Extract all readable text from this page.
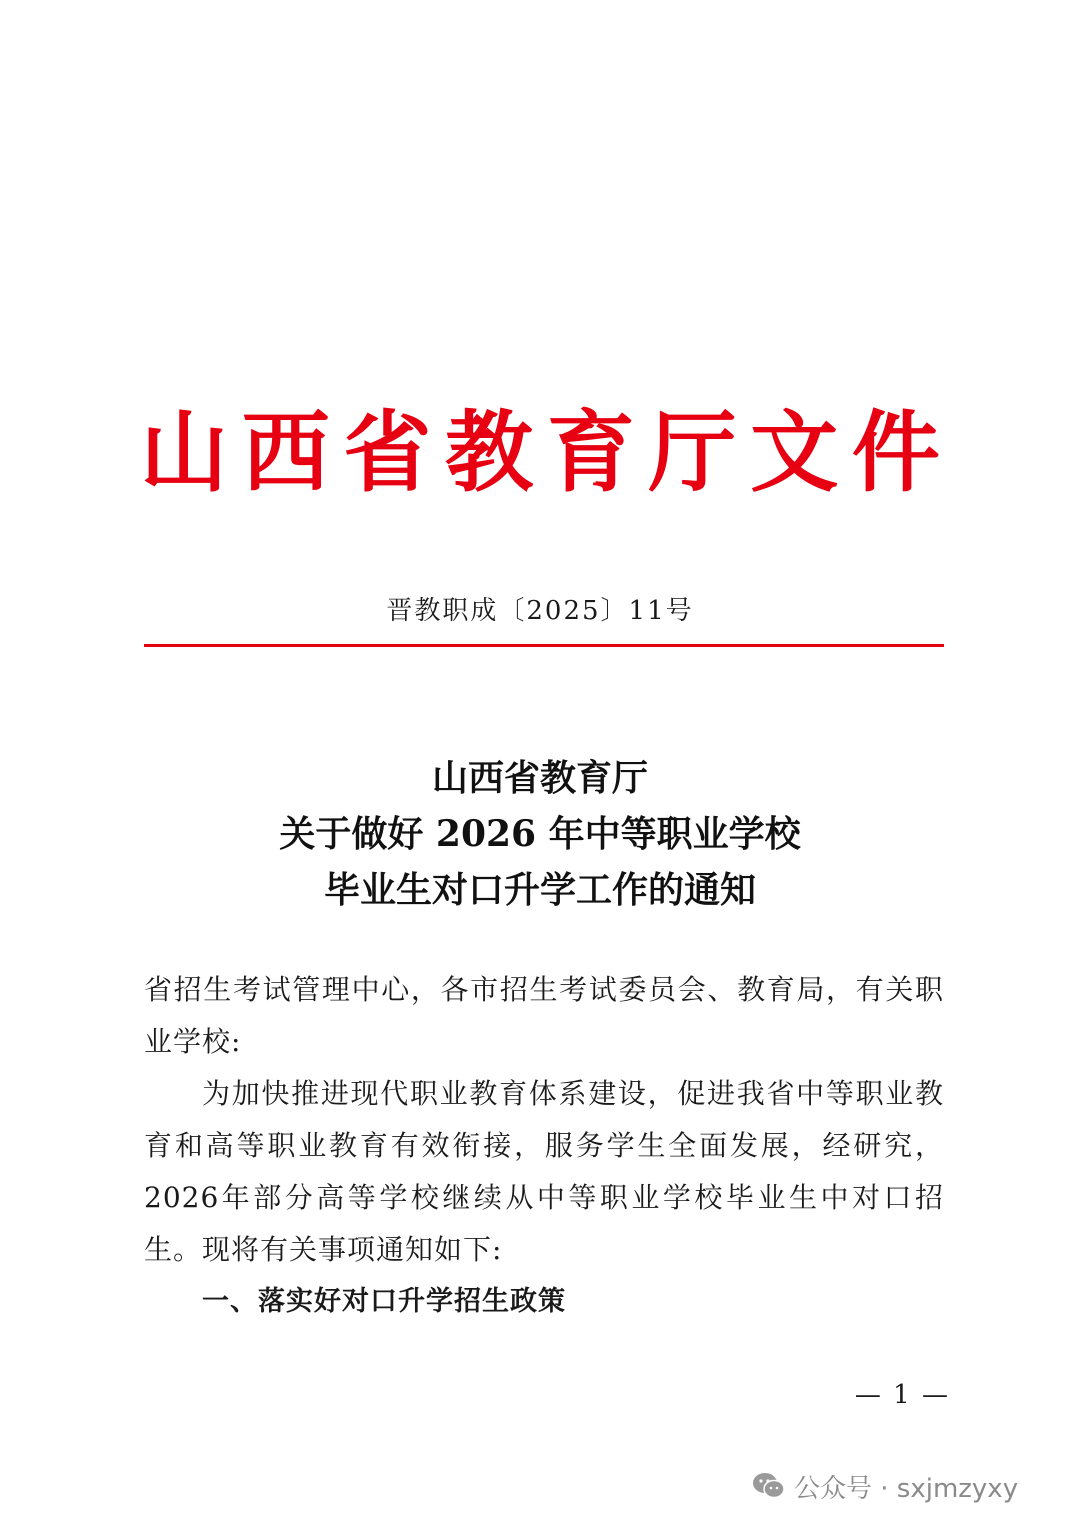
山 西 省 教 育 厅 文 件
晋教职成〔2025〕11号
山西省教育厅
关于做好 2026 年中等职业学校
毕业生对口升学工作的通知

省招生考试管理中心，各市招生考试委员会、教育局，有关职业学校:

为加快推进现代职业教育体系建设，促进我省中等职业教育和高等职业教育有效衔接，服务学生全面发展，经研究，2026年部分高等学校继续从中等职业学校毕业生中对口招生。现将有关事项通知如下:

一、落实好对口升学招生政策

— 1 —
公众号 · sxjmzyxy
